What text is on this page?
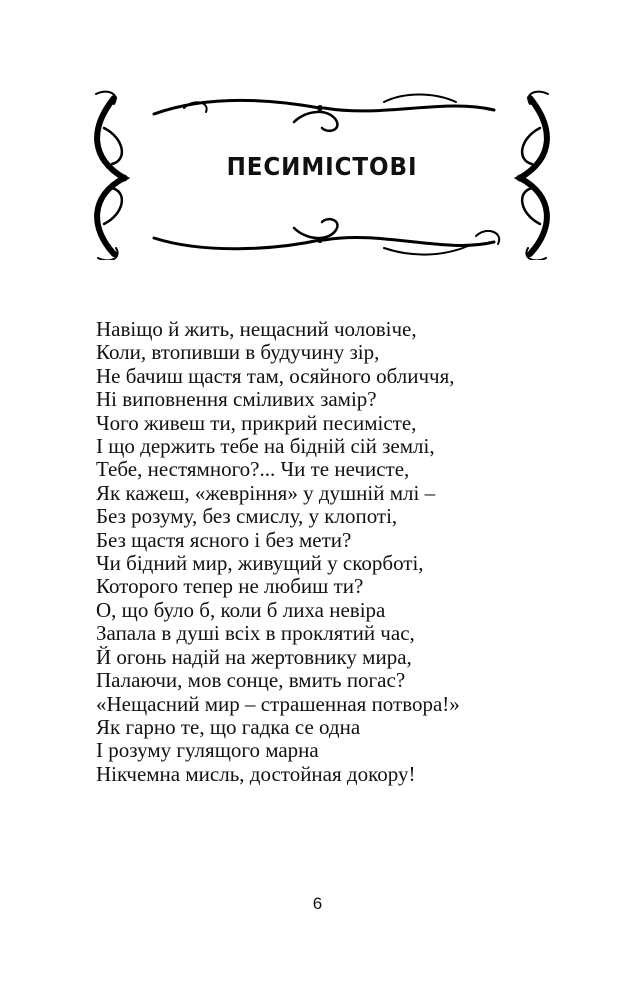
ПЕСИМІСТОВІ
Навіщо й жить, нещасний чоловіче,
Коли, втопивши в будучину зір,
Не бачиш щастя там, осяйного обличчя,
Ні виповнення сміливих замір?
Чого живеш ти, прикрий песимісте,
І що держить тебе на бідній сій землі,
Тебе, нестямного?... Чи те нечисте,
Як кажеш, «жевріння» у душній млі –
Без розуму, без смислу, у клопоті,
Без щастя ясного і без мети?
Чи бідний мир, живущий у скорботі,
Которого тепер не любиш ти?
О, що було б, коли б лиха невіра
Запала в душі всіх в проклятий час,
Й огонь надій на жертовнику мира,
Палаючи, мов сонце, вмить погас?
«Нещасний мир – страшенная потвора!»
Як гарно те, що гадка се одна
І розуму гулящого марна
Нікчемна мисль, достойная докору!
6
